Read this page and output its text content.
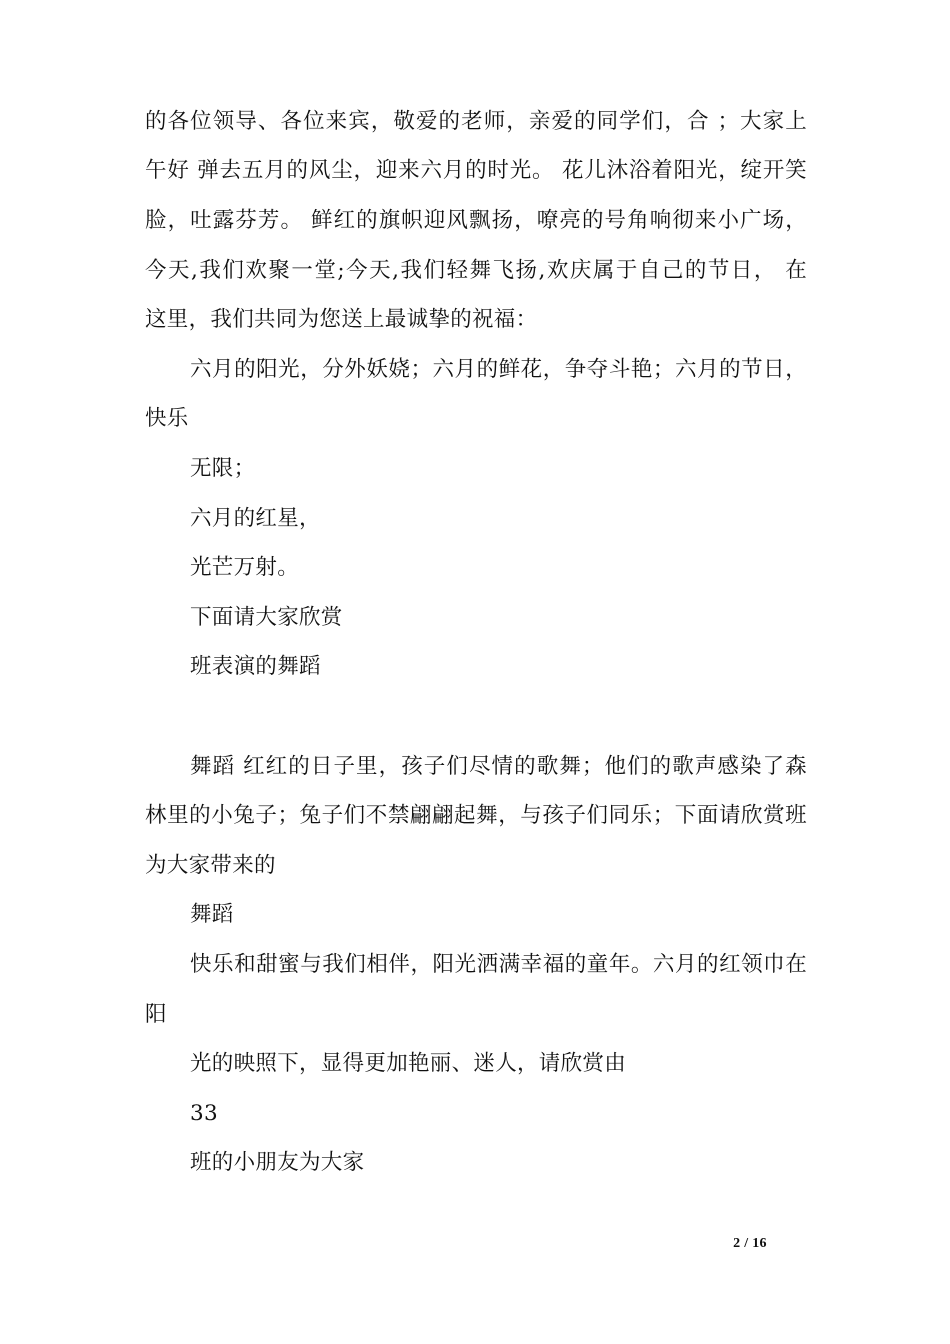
的各位领导、各位来宾，敬爱的老师，亲爱的同学们，合 ；大家上
午好 弹去五月的风尘，迎来六月的时光。 花儿沐浴着阳光，绽开笑
脸，吐露芬芳。 鲜红的旗帜迎风飘扬，嘹亮的号角响彻来小广场，
今天,我们欢聚一堂;今天,我们轻舞飞扬,欢庆属于自己的节日， 在
这里，我们共同为您送上最诚挚的祝福：
六月的阳光，分外妖娆；六月的鲜花，争夺斗艳；六月的节日，
快乐
无限；
六月的红星，
光芒万射。
下面请大家欣赏
班表演的舞蹈
舞蹈 红红的日子里，孩子们尽情的歌舞；他们的歌声感染了森
林里的小兔子；兔子们不禁翩翩起舞，与孩子们同乐；下面请欣赏班
为大家带来的
舞蹈
快乐和甜蜜与我们相伴，阳光洒满幸福的童年。六月的红领巾在
阳
光的映照下，显得更加艳丽、迷人，请欣赏由
33
班的小朋友为大家
2 / 16
